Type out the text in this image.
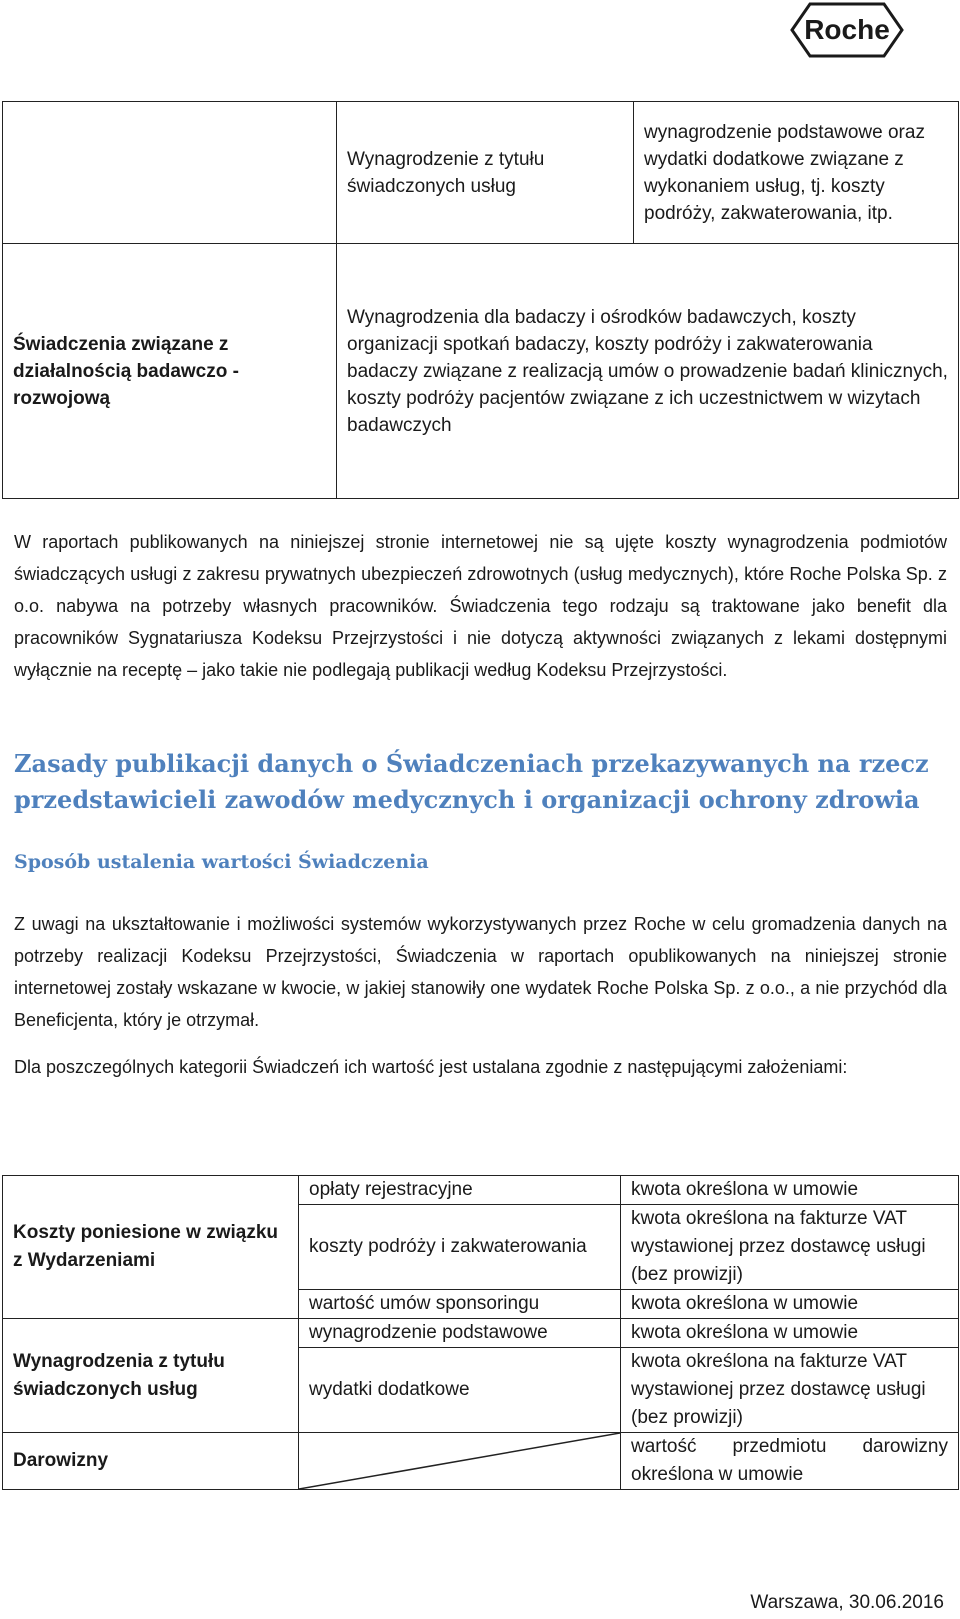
Roche
	Wynagrodzenie z tytułu świadczonych usług	wynagrodzenie podstawowe oraz wydatki dodatkowe związane z wykonaniem usług, tj. koszty podróży, zakwaterowania, itp.
Świadczenia związane z działalnością badawczo - rozwojową	Wynagrodzenia dla badaczy i ośrodków badawczych, koszty organizacji spotkań badaczy, koszty podróży i zakwaterowania badaczy związane z realizacją umów o prowadzenie badań klinicznych, koszty podróży pacjentów związane z ich uczestnictwem w wizytach badawczych	
W raportach publikowanych na niniejszej stronie internetowej nie są ujęte koszty wynagrodzenia podmiotów świadczących usługi z zakresu prywatnych ubezpieczeń zdrowotnych (usług medycznych), które Roche Polska Sp. z o.o. nabywa na potrzeby własnych pracowników. Świadczenia tego rodzaju są traktowane jako benefit dla pracowników Sygnatariusza Kodeksu Przejrzystości i nie dotyczą aktywności związanych z lekami dostępnymi wyłącznie na receptę – jako takie nie podlegają publikacji według Kodeksu Przejrzystości.
Zasady publikacji danych o Świadczeniach przekazywanych na rzecz przedstawicieli zawodów medycznych i organizacji ochrony zdrowia
Sposób ustalenia wartości Świadczenia
Z uwagi na ukształtowanie i możliwości systemów wykorzystywanych przez Roche w celu gromadzenia danych na potrzeby realizacji Kodeksu Przejrzystości, Świadczenia w raportach opublikowanych na niniejszej stronie internetowej zostały wskazane w kwocie, w jakiej stanowiły one wydatek Roche Polska Sp. z o.o., a nie przychód dla Beneficjenta, który je otrzymał.
Dla poszczególnych kategorii Świadczeń ich wartość jest ustalana zgodnie z następującymi założeniami:
Koszty poniesione w związku z Wydarzeniami	opłaty rejestracyjne	kwota określona w umowie
	koszty podróży i zakwaterowania	kwota określona na fakturze VAT wystawionej przez dostawcę usługi (bez prowizji)
	wartość umów sponsoringu	kwota określona w umowie
Wynagrodzenia z tytułu świadczonych usług	wynagrodzenie podstawowe	kwota określona w umowie
	wydatki dodatkowe	kwota określona na fakturze VAT wystawionej przez dostawcę usługi (bez prowizji)
Darowizny		wartość przedmiotu darowizny określona w umowie
Warszawa, 30.06.2016
